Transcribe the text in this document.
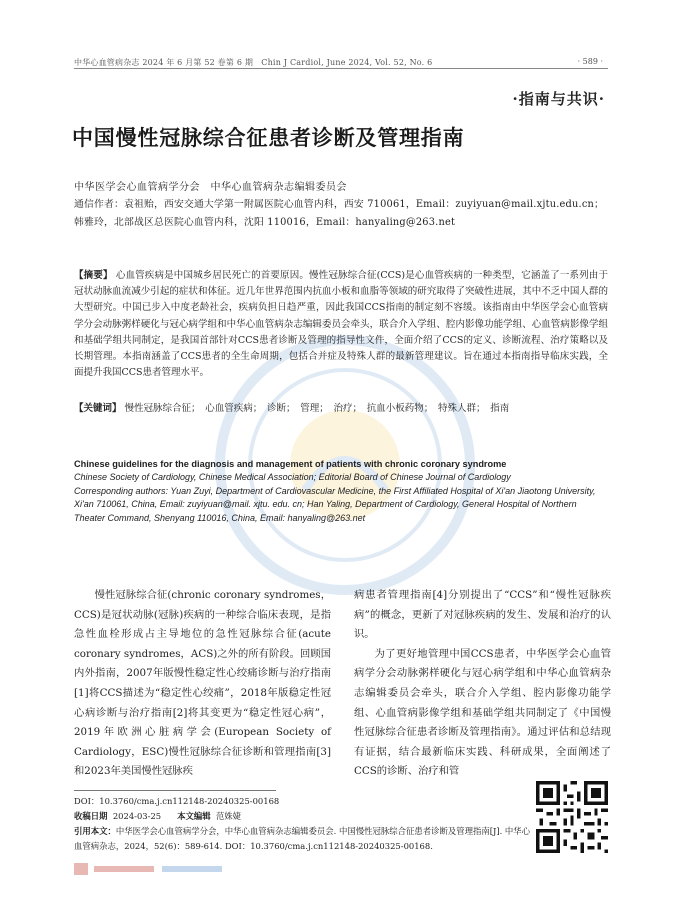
中华心血管病杂志 2024 年 6 月第 52 卷第 6 期　Chin J Cardiol, June 2024, Vol. 52, No. 6	· 589 ·
·指南与共识·
中国慢性冠脉综合征患者诊断及管理指南
中华医学会心血管病学分会　中华心血管病杂志编辑委员会
通信作者：袁祖贻，西安交通大学第一附属医院心血管内科，西安 710061，Email：zuyiyuan@mail.xjtu.edu.cn；韩雅玲，北部战区总医院心血管内科，沈阳 110016，Email：hanyaling@263.net
【摘要】 心血管疾病是中国城乡居民死亡的首要原因。慢性冠脉综合征(CCS)是心血管疾病的一种类型，它涵盖了一系列由于冠状动脉血流减少引起的症状和体征。近几年世界范围内抗血小板和血脂等领域的研究取得了突破性进展，其中不乏中国人群的大型研究。中国已步入中度老龄社会，疾病负担日趋严重，因此我国CCS指南的制定刻不容缓。该指南由中华医学会心血管病学分会动脉粥样硬化与冠心病学组和中华心血管病杂志编辑委员会牵头，联合介入学组、腔内影像功能学组、心血管病影像学组和基础学组共同制定，是我国首部针对CCS患者诊断及管理的指导性文件，全面介绍了CCS的定义、诊断流程、治疗策略以及长期管理。本指南涵盖了CCS患者的全生命周期，包括合并症及特殊人群的最新管理建议。旨在通过本指南指导临床实践，全面提升我国CCS患者管理水平。
【关键词】 慢性冠脉综合征；　心血管疾病；　诊断；　管理；　治疗；　抗血小板药物；　特殊人群；　指南
Chinese guidelines for the diagnosis and management of patients with chronic coronary syndrome
Chinese Society of Cardiology, Chinese Medical Association; Editorial Board of Chinese Journal of Cardiology
Corresponding authors: Yuan Zuyi, Department of Cardiovascular Medicine, the First Affiliated Hospital of Xi'an Jiaotong University, Xi'an 710061, China, Email: zuyiyuan@mail. xjtu. edu. cn; Han Yaling, Department of Cardiology, General Hospital of Northern Theater Command, Shenyang 110016, China, Email: hanyaling@263.net
慢性冠脉综合征(chronic coronary syndromes，CCS)是冠状动脉(冠脉)疾病的一种综合临床表现，是指急性血栓形成占主导地位的急性冠脉综合征(acute coronary syndromes，ACS)之外的所有阶段。回顾国内外指南，2007年版慢性稳定性心绞痛诊断与治疗指南[1]将CCS描述为“稳定性心绞痛”，2018年版稳定性冠心病诊断与治疗指南[2]将其变更为“稳定性冠心病”，2019年欧洲心脏病学会(European Society of Cardiology，ESC)慢性冠脉综合征诊断和管理指南[3]和2023年美国慢性冠脉疾

病患者管理指南[4]分别提出了“CCS”和“慢性冠脉疾病”的概念，更新了对冠脉疾病的发生、发展和治疗的认识。

为了更好地管理中国CCS患者，中华医学会心血管病学分会动脉粥样硬化与冠心病学组和中华心血管病杂志编辑委员会牵头，联合介入学组、腔内影像功能学组、心血管病影像学组和基础学组共同制定了《中国慢性冠脉综合征患者诊断及管理指南》。通过评估和总结现有证据，结合最新临床实践、科研成果，全面阐述了CCS的诊断、治疗和管

DOI：10.3760/cma.j.cn112148-20240325-00168
收稿日期 2024-03-25 本文编辑 范姝婕
引用本文：中华医学会心血管病学分会，中华心血管病杂志编辑委员会. 中国慢性冠脉综合征患者诊断及管理指南[J]. 中华心血管病杂志，2024，52(6)：589-614. DOI：10.3760/cma.j.cn112148-20240325-00168.
